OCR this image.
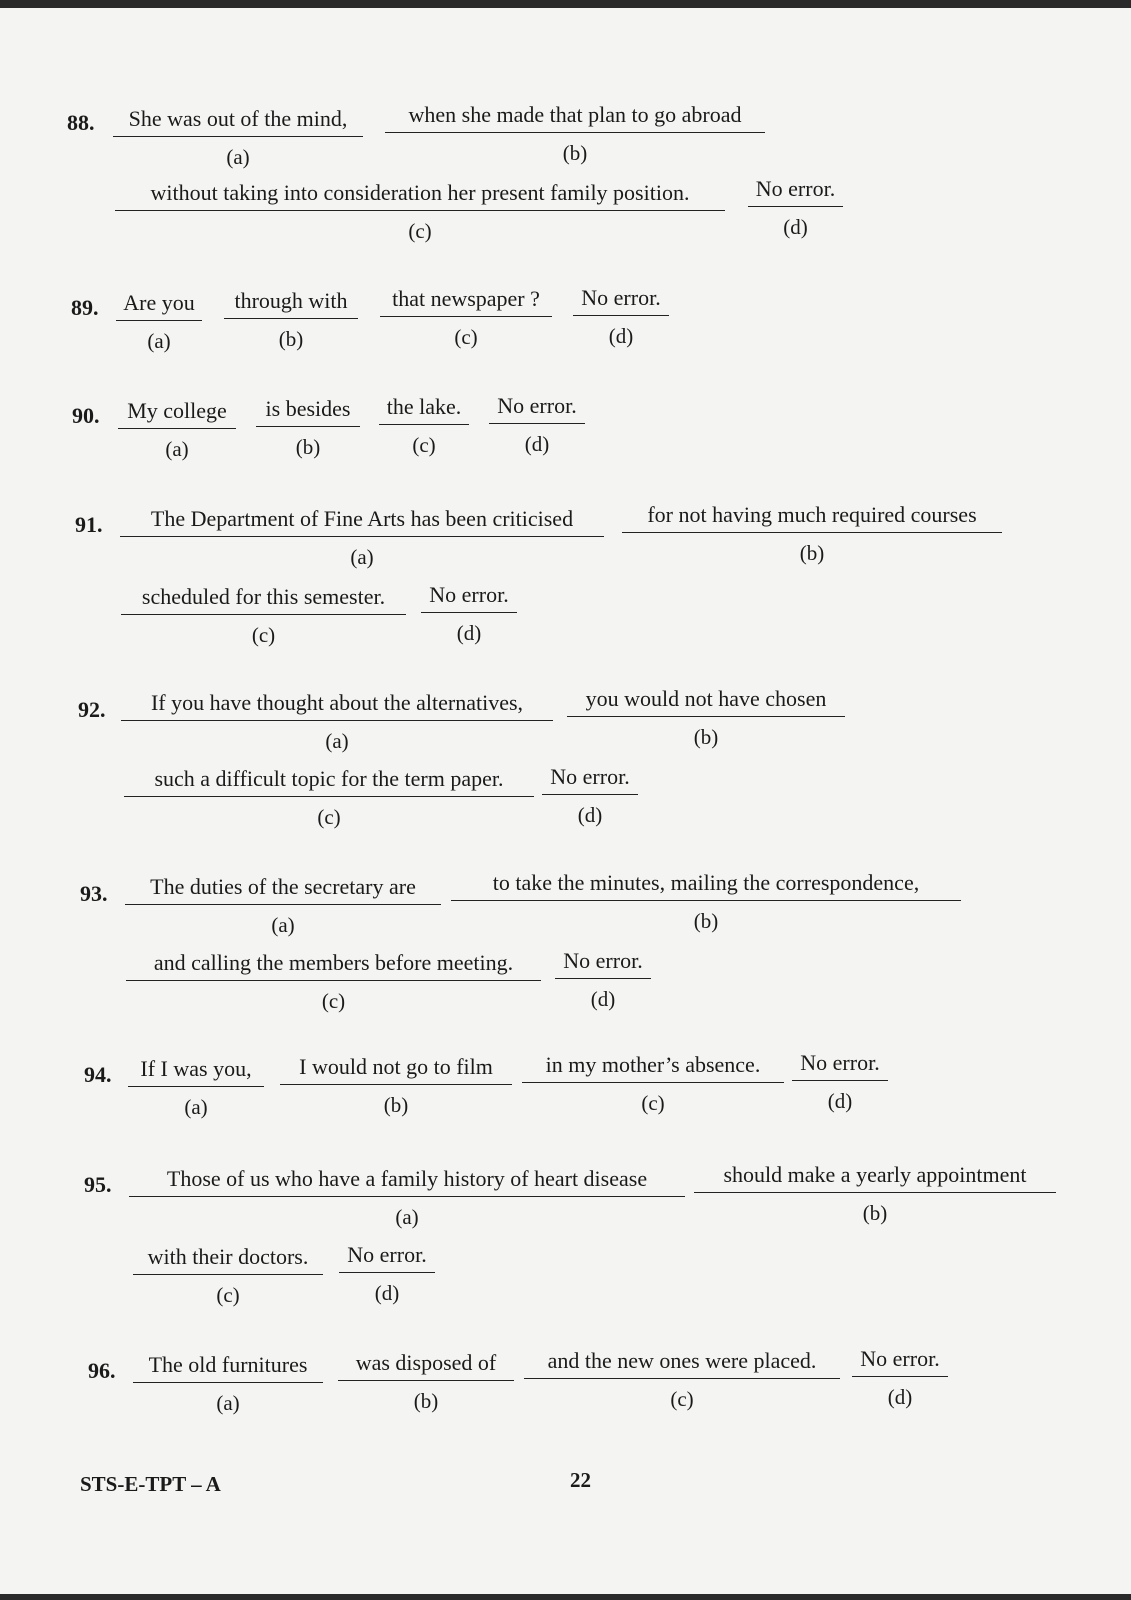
88.	She was out of the mind,
(a)
when she made that plan to go abroad
(b)
without taking into consideration her present family position.
(c)
No error.
(d)
89.	Are you
(a)
through with
(b)
that newspaper ?
(c)
No error.
(d)
90.	My college
(a)
is besides
(b)
the lake.
(c)
No error.
(d)
91.	The Department of Fine Arts has been criticised
(a)
for not having much required courses
(b)
scheduled for this semester.
(c)
No error.
(d)
92.	If you have thought about the alternatives,
(a)
you would not have chosen
(b)
such a difficult topic for the term paper.
(c)
No error.
(d)
93.	The duties of the secretary are
(a)
to take the minutes, mailing the correspondence,
(b)
and calling the members before meeting.
(c)
No error.
(d)
94.	If I was you,
(a)
I would not go to film
(b)
in my mother’s absence.
(c)
No error.
(d)
95.	Those of us who have a family history of heart disease
(a)
should make a yearly appointment
(b)
with their doctors.
(c)
No error.
(d)
96.	The old furnitures
(a)
was disposed of
(b)
and the new ones were placed.
(c)
No error.
(d)
STS-E-TPT – A	22
